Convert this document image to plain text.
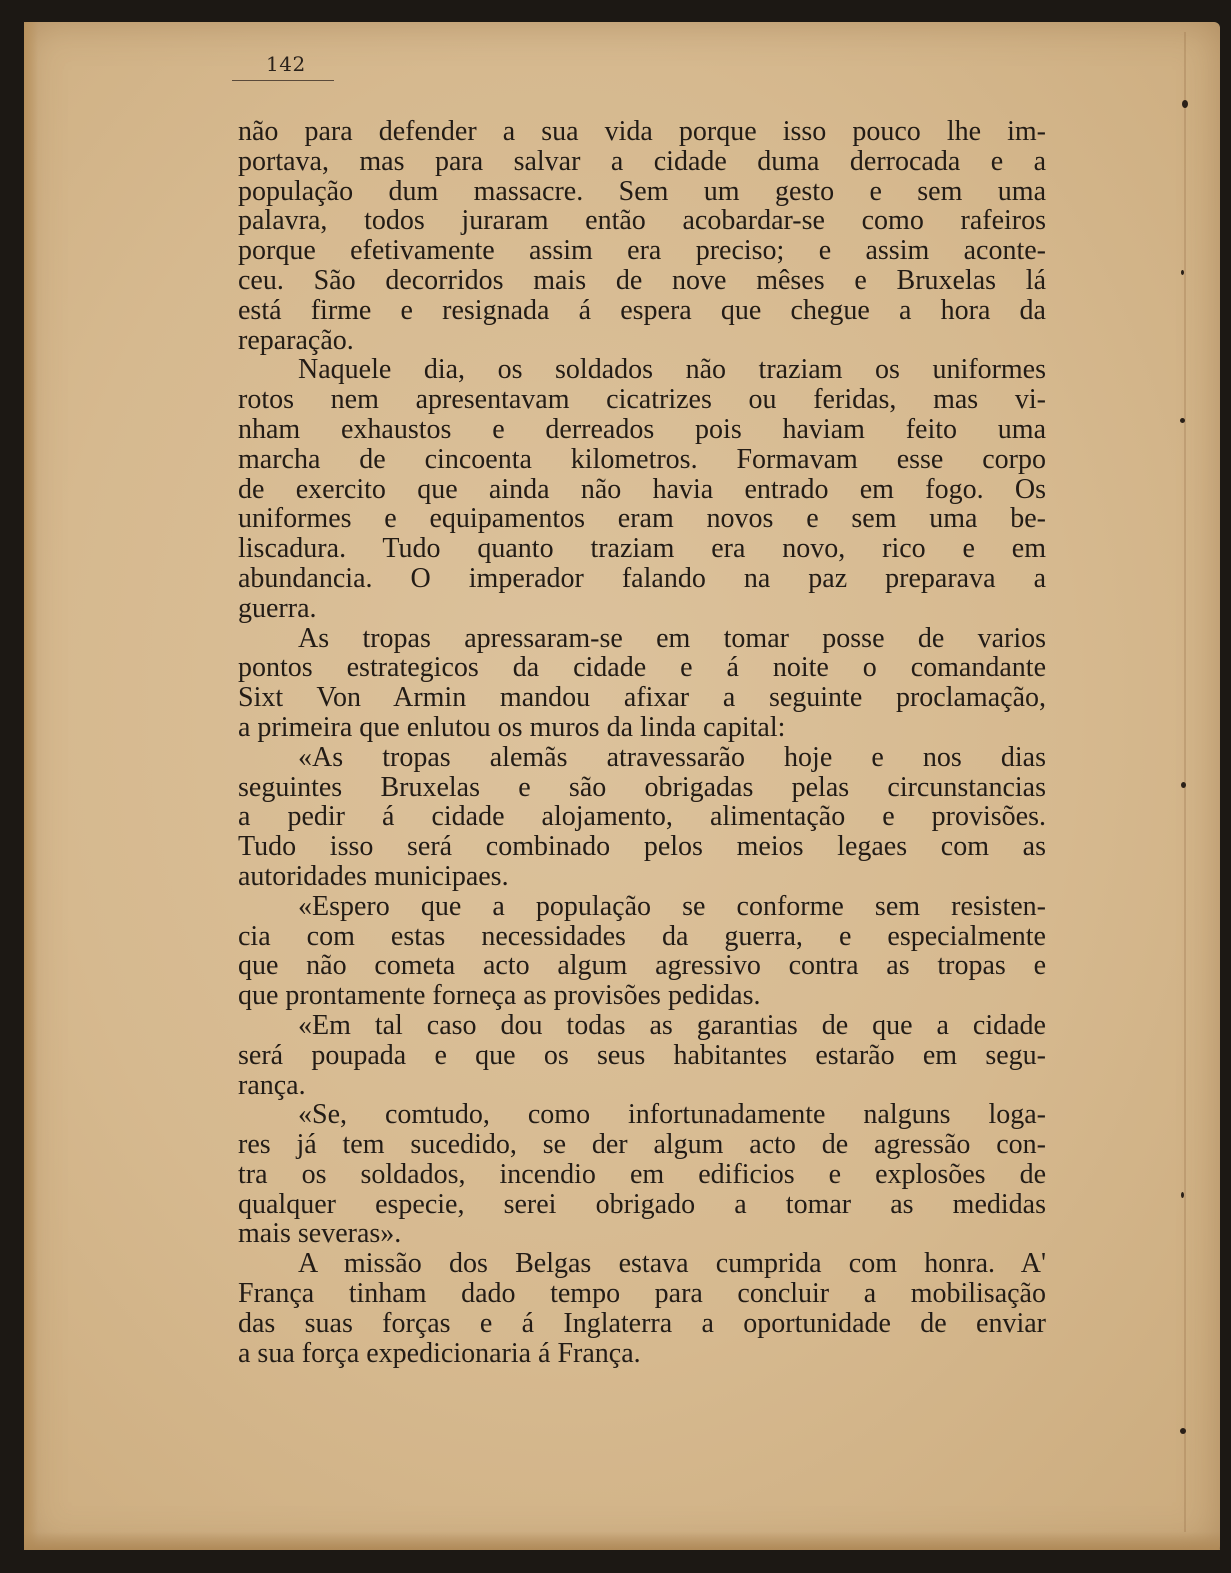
142
não para defender a sua vida porque isso pouco lhe im-
portava, mas para salvar a cidade duma derrocada e a
população dum massacre. Sem um gesto e sem uma
palavra, todos juraram então acobardar-se como rafeiros
porque efetivamente assim era preciso; e assim aconte-
ceu. São decorridos mais de nove mêses e Bruxelas lá
está firme e resignada á espera que chegue a hora da
reparação.
Naquele dia, os soldados não traziam os uniformes
rotos nem apresentavam cicatrizes ou feridas, mas vi-
nham exhaustos e derreados pois haviam feito uma
marcha de cincoenta kilometros. Formavam esse corpo
de exercito que ainda não havia entrado em fogo. Os
uniformes e equipamentos eram novos e sem uma be-
liscadura. Tudo quanto traziam era novo, rico e em
abundancia. O imperador falando na paz preparava a
guerra.
As tropas apressaram-se em tomar posse de varios
pontos estrategicos da cidade e á noite o comandante
Sixt Von Armin mandou afixar a seguinte proclamação,
a primeira que enlutou os muros da linda capital:
«As tropas alemãs atravessarão hoje e nos dias
seguintes Bruxelas e são obrigadas pelas circunstancias
a pedir á cidade alojamento, alimentação e provisões.
Tudo isso será combinado pelos meios legaes com as
autoridades municipaes.
«Espero que a população se conforme sem resisten-
cia com estas necessidades da guerra, e especialmente
que não cometa acto algum agressivo contra as tropas e
que prontamente forneça as provisões pedidas.
«Em tal caso dou todas as garantias de que a cidade
será poupada e que os seus habitantes estarão em segu-
rança.
«Se, comtudo, como infortunadamente nalguns loga-
res já tem sucedido, se der algum acto de agressão con-
tra os soldados, incendio em edificios e explosões de
qualquer especie, serei obrigado a tomar as medidas
mais severas».
A missão dos Belgas estava cumprida com honra. A'
França tinham dado tempo para concluir a mobilisação
das suas forças e á Inglaterra a oportunidade de enviar
a sua força expedicionaria á França.
